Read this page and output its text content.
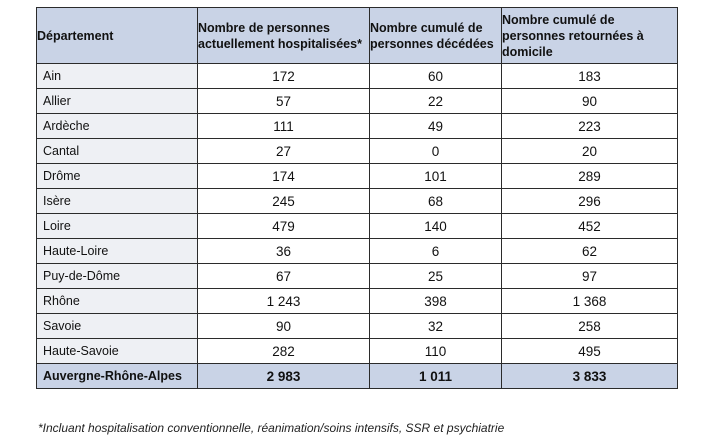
Département	Nombre de personnes actuellement hospitalisées*	Nombre cumulé de personnes décédées	Nombre cumulé de personnes retournées à domicile
Ain	172	60	183
Allier	57	22	90
Ardèche	111	49	223
Cantal	27	0	20
Drôme	174	101	289
Isère	245	68	296
Loire	479	140	452
Haute-Loire	36	6	62
Puy-de-Dôme	67	25	97
Rhône	1 243	398	1 368
Savoie	90	32	258
Haute-Savoie	282	110	495
Auvergne-Rhône-Alpes	2 983	1 011	3 833
*Incluant hospitalisation conventionnelle, réanimation/soins intensifs, SSR et psychiatrie
